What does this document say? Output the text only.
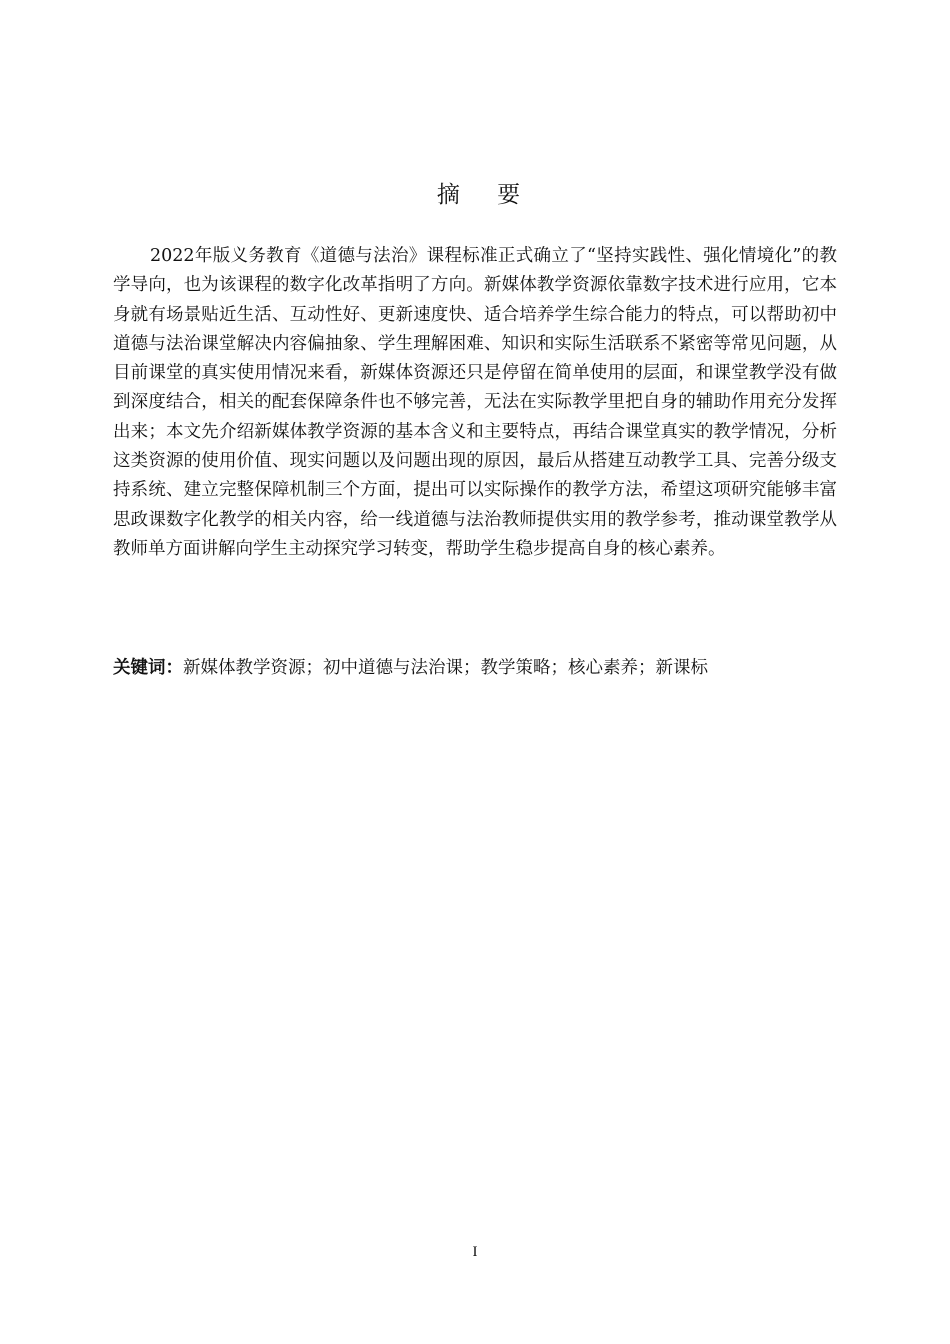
摘 要

2022年版义务教育《道德与法治》课程标准正式确立了“坚持实践性、强化情境化”的教学导向，也为该课程的数字化改革指明了方向。新媒体教学资源依靠数字技术进行应用，它本身就有场景贴近生活、互动性好、更新速度快、适合培养学生综合能力的特点，可以帮助初中道德与法治课堂解决内容偏抽象、学生理解困难、知识和实际生活联系不紧密等常见问题，从目前课堂的真实使用情况来看，新媒体资源还只是停留在简单使用的层面，和课堂教学没有做到深度结合，相关的配套保障条件也不够完善，无法在实际教学里把自身的辅助作用充分发挥出来；本文先介绍新媒体教学资源的基本含义和主要特点，再结合课堂真实的教学情况，分析这类资源的使用价值、现实问题以及问题出现的原因，最后从搭建互动教学工具、完善分级支持系统、建立完整保障机制三个方面，提出可以实际操作的教学方法，希望这项研究能够丰富思政课数字化教学的相关内容，给一线道德与法治教师提供实用的教学参考，推动课堂教学从教师单方面讲解向学生主动探究学习转变，帮助学生稳步提高自身的核心素养。

关键词：新媒体教学资源；初中道德与法治课；教学策略；核心素养；新课标
I
